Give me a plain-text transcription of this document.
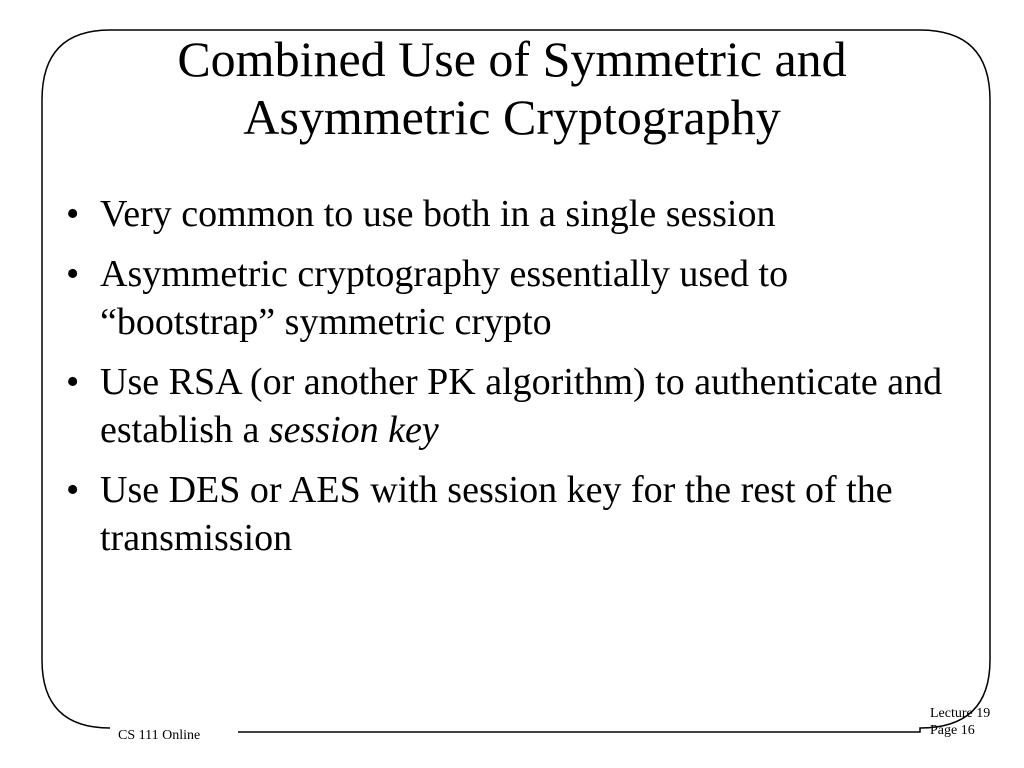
Combined Use of Symmetric and Asymmetric Cryptography
• Very common to use both in a single session
• Asymmetric cryptography essentially used to “bootstrap” symmetric crypto
• Use RSA (or another PK algorithm) to authenticate and establish a session key
• Use DES or AES with session key for the rest of the transmission
CS 111 Online
Lecture 19
Page 16
